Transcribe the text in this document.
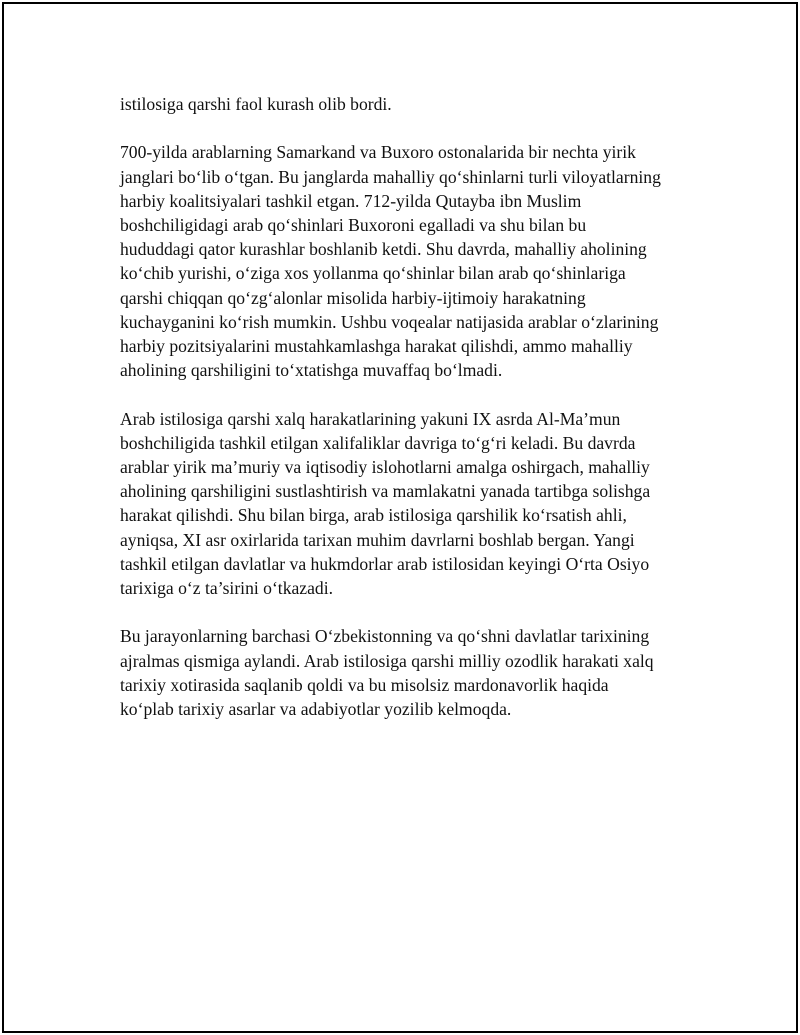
istilosiga qarshi faol kurash olib bordi.

700-yilda arablarning Samarkand va Buxoro ostonalarida bir nechta yirik
janglari bo‘lib o‘tgan. Bu janglarda mahalliy qo‘shinlarni turli viloyatlarning
harbiy koalitsiyalari tashkil etgan. 712-yilda Qutayba ibn Muslim
boshchiligidagi arab qo‘shinlari Buxoroni egalladi va shu bilan bu
hududdagi qator kurashlar boshlanib ketdi. Shu davrda, mahalliy aholining
ko‘chib yurishi, o‘ziga xos yollanma qo‘shinlar bilan arab qo‘shinlariga
qarshi chiqqan qo‘zg‘alonlar misolida harbiy-ijtimoiy harakatning
kuchayganini ko‘rish mumkin. Ushbu voqealar natijasida arablar o‘zlarining
harbiy pozitsiyalarini mustahkamlashga harakat qilishdi, ammo mahalliy
aholining qarshiligini to‘xtatishga muvaffaq bo‘lmadi.

Arab istilosiga qarshi xalq harakatlarining yakuni IX asrda Al-Ma’mun
boshchiligida tashkil etilgan xalifaliklar davriga to‘g‘ri keladi. Bu davrda
arablar yirik ma’muriy va iqtisodiy islohotlarni amalga oshirgach, mahalliy
aholining qarshiligini sustlashtirish va mamlakatni yanada tartibga solishga
harakat qilishdi. Shu bilan birga, arab istilosiga qarshilik ko‘rsatish ahli,
ayniqsa, XI asr oxirlarida tarixan muhim davrlarni boshlab bergan. Yangi
tashkil etilgan davlatlar va hukmdorlar arab istilosidan keyingi O‘rta Osiyo
tarixiga o‘z ta’sirini o‘tkazadi.

Bu jarayonlarning barchasi O‘zbekistonning va qo‘shni davlatlar tarixining
ajralmas qismiga aylandi. Arab istilosiga qarshi milliy ozodlik harakati xalq
tarixiy xotirasida saqlanib qoldi va bu misolsiz mardonavorlik haqida
ko‘plab tarixiy asarlar va adabiyotlar yozilib kelmoqda.
